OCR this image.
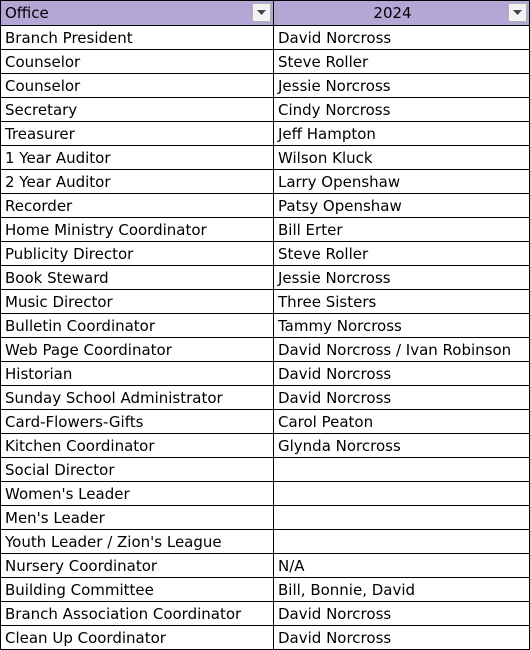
Office	2024

Branch President	David Norcross
Counselor	Steve Roller
Counselor	Jessie Norcross
Secretary	Cindy Norcross
Treasurer	Jeff Hampton
1 Year Auditor	Wilson Kluck
2 Year Auditor	Larry Openshaw
Recorder	Patsy Openshaw
Home Ministry Coordinator	Bill Erter
Publicity Director	Steve Roller
Book Steward	Jessie Norcross
Music Director	Three Sisters
Bulletin Coordinator	Tammy Norcross
Web Page Coordinator	David Norcross / Ivan Robinson
Historian	David Norcross
Sunday School Administrator	David Norcross
Card-Flowers-Gifts	Carol Peaton
Kitchen Coordinator	Glynda Norcross
Social Director	
Women's Leader	
Men's Leader	
Youth Leader / Zion's League	
Nursery Coordinator	N/A
Building Committee	Bill, Bonnie, David
Branch Association Coordinator	David Norcross
Clean Up Coordinator	David Norcross
